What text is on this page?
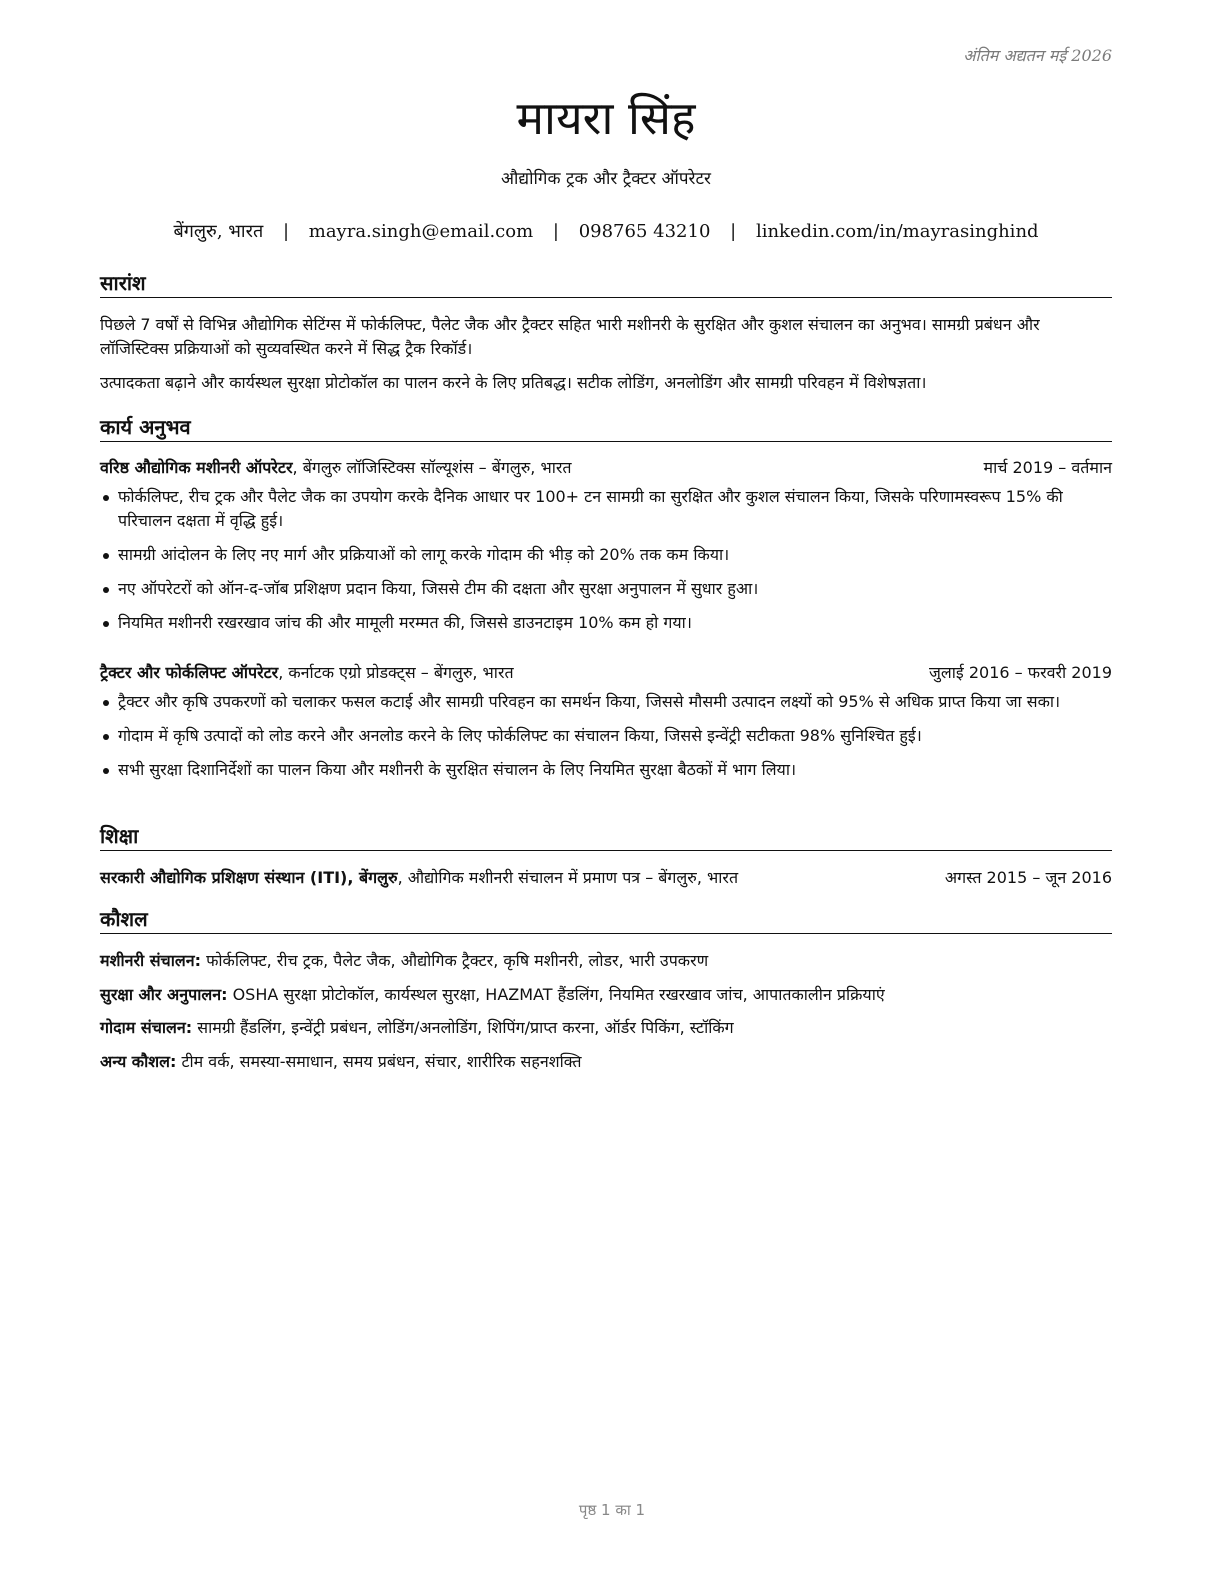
अंतिम अद्यतन मई 2026
मायरा सिंह
औद्योगिक ट्रक और ट्रैक्टर ऑपरेटर
बेंगलुरु, भारत | mayra.singh@email.com | 098765 43210 | linkedin.com/in/mayrasinghind
सारांश
पिछले 7 वर्षों से विभिन्न औद्योगिक सेटिंग्स में फोर्कलिफ्ट, पैलेट जैक और ट्रैक्टर सहित भारी मशीनरी के सुरक्षित और कुशल संचालन का अनुभव। सामग्री प्रबंधन और लॉजिस्टिक्स प्रक्रियाओं को सुव्यवस्थित करने में सिद्ध ट्रैक रिकॉर्ड।
उत्पादकता बढ़ाने और कार्यस्थल सुरक्षा प्रोटोकॉल का पालन करने के लिए प्रतिबद्ध। सटीक लोडिंग, अनलोडिंग और सामग्री परिवहन में विशेषज्ञता।
कार्य अनुभव
वरिष्ठ औद्योगिक मशीनरी ऑपरेटर, बेंगलुरु लॉजिस्टिक्स सॉल्यूशंस – बेंगलुरु, भारत	मार्च 2019 – वर्तमान
फोर्कलिफ्ट, रीच ट्रक और पैलेट जैक का उपयोग करके दैनिक आधार पर 100+ टन सामग्री का सुरक्षित और कुशल संचालन किया, जिसके परिणामस्वरूप 15% की परिचालन दक्षता में वृद्धि हुई।
सामग्री आंदोलन के लिए नए मार्ग और प्रक्रियाओं को लागू करके गोदाम की भीड़ को 20% तक कम किया।
नए ऑपरेटरों को ऑन-द-जॉब प्रशिक्षण प्रदान किया, जिससे टीम की दक्षता और सुरक्षा अनुपालन में सुधार हुआ।
नियमित मशीनरी रखरखाव जांच की और मामूली मरम्मत की, जिससे डाउनटाइम 10% कम हो गया।
ट्रैक्टर और फोर्कलिफ्ट ऑपरेटर, कर्नाटक एग्रो प्रोडक्ट्स – बेंगलुरु, भारत	जुलाई 2016 – फरवरी 2019
ट्रैक्टर और कृषि उपकरणों को चलाकर फसल कटाई और सामग्री परिवहन का समर्थन किया, जिससे मौसमी उत्पादन लक्ष्यों को 95% से अधिक प्राप्त किया जा सका।
गोदाम में कृषि उत्पादों को लोड करने और अनलोड करने के लिए फोर्कलिफ्ट का संचालन किया, जिससे इन्वेंट्री सटीकता 98% सुनिश्चित हुई।
सभी सुरक्षा दिशानिर्देशों का पालन किया और मशीनरी के सुरक्षित संचालन के लिए नियमित सुरक्षा बैठकों में भाग लिया।
शिक्षा
सरकारी औद्योगिक प्रशिक्षण संस्थान (ITI), बेंगलुरु, औद्योगिक मशीनरी संचालन में प्रमाण पत्र – बेंगलुरु, भारत	अगस्त 2015 – जून 2016
कौशल
मशीनरी संचालन: फोर्कलिफ्ट, रीच ट्रक, पैलेट जैक, औद्योगिक ट्रैक्टर, कृषि मशीनरी, लोडर, भारी उपकरण
सुरक्षा और अनुपालन: OSHA सुरक्षा प्रोटोकॉल, कार्यस्थल सुरक्षा, HAZMAT हैंडलिंग, नियमित रखरखाव जांच, आपातकालीन प्रक्रियाएं
गोदाम संचालन: सामग्री हैंडलिंग, इन्वेंट्री प्रबंधन, लोडिंग/अनलोडिंग, शिपिंग/प्राप्त करना, ऑर्डर पिकिंग, स्टॉकिंग
अन्य कौशल: टीम वर्क, समस्या-समाधान, समय प्रबंधन, संचार, शारीरिक सहनशक्ति
पृष्ठ 1 का 1
